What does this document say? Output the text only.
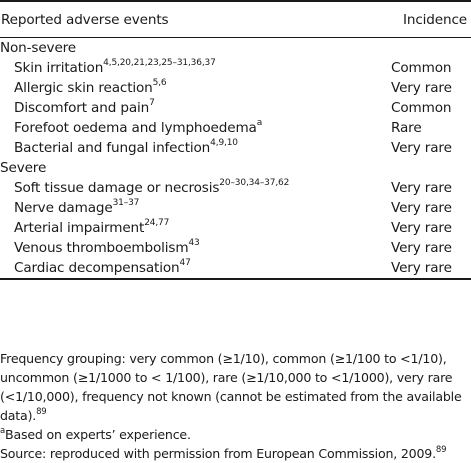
Reported adverse events	Incidence
Non-severe	
Skin irritation$^{4,5,20,21,23,25-31,36,37}$	Common
Allergic skin reaction$^{5,6}$	Very rare
Discomfort and pain$^7$	Common
Forefoot oedema and lymphoedema$^a$	Rare
Bacterial and fungal infection$^{4,9,10}$	Very rare
Severe	
Soft tissue damage or necrosis$^{20-30,34-37,62}$	Very rare
Nerve damage$^{31-37}$	Very rare
Arterial impairment$^{24,77}$	Very rare
Venous thromboembolism$^{43}$	Very rare
Cardiac decompensation$^{47}$	Very rare

Frequency grouping: very common (≥1/10), common (≥1/100 to <1/10), uncommon (≥1/1000 to < 1/100), rare (≥1/10,000 to <1/1000), very rare (<1/10,000), frequency not known (cannot be estimated from the available data).$^{89}$

$^a$Based on experts’ experience.

Source: reproduced with permission from European Commission, 2009.89
